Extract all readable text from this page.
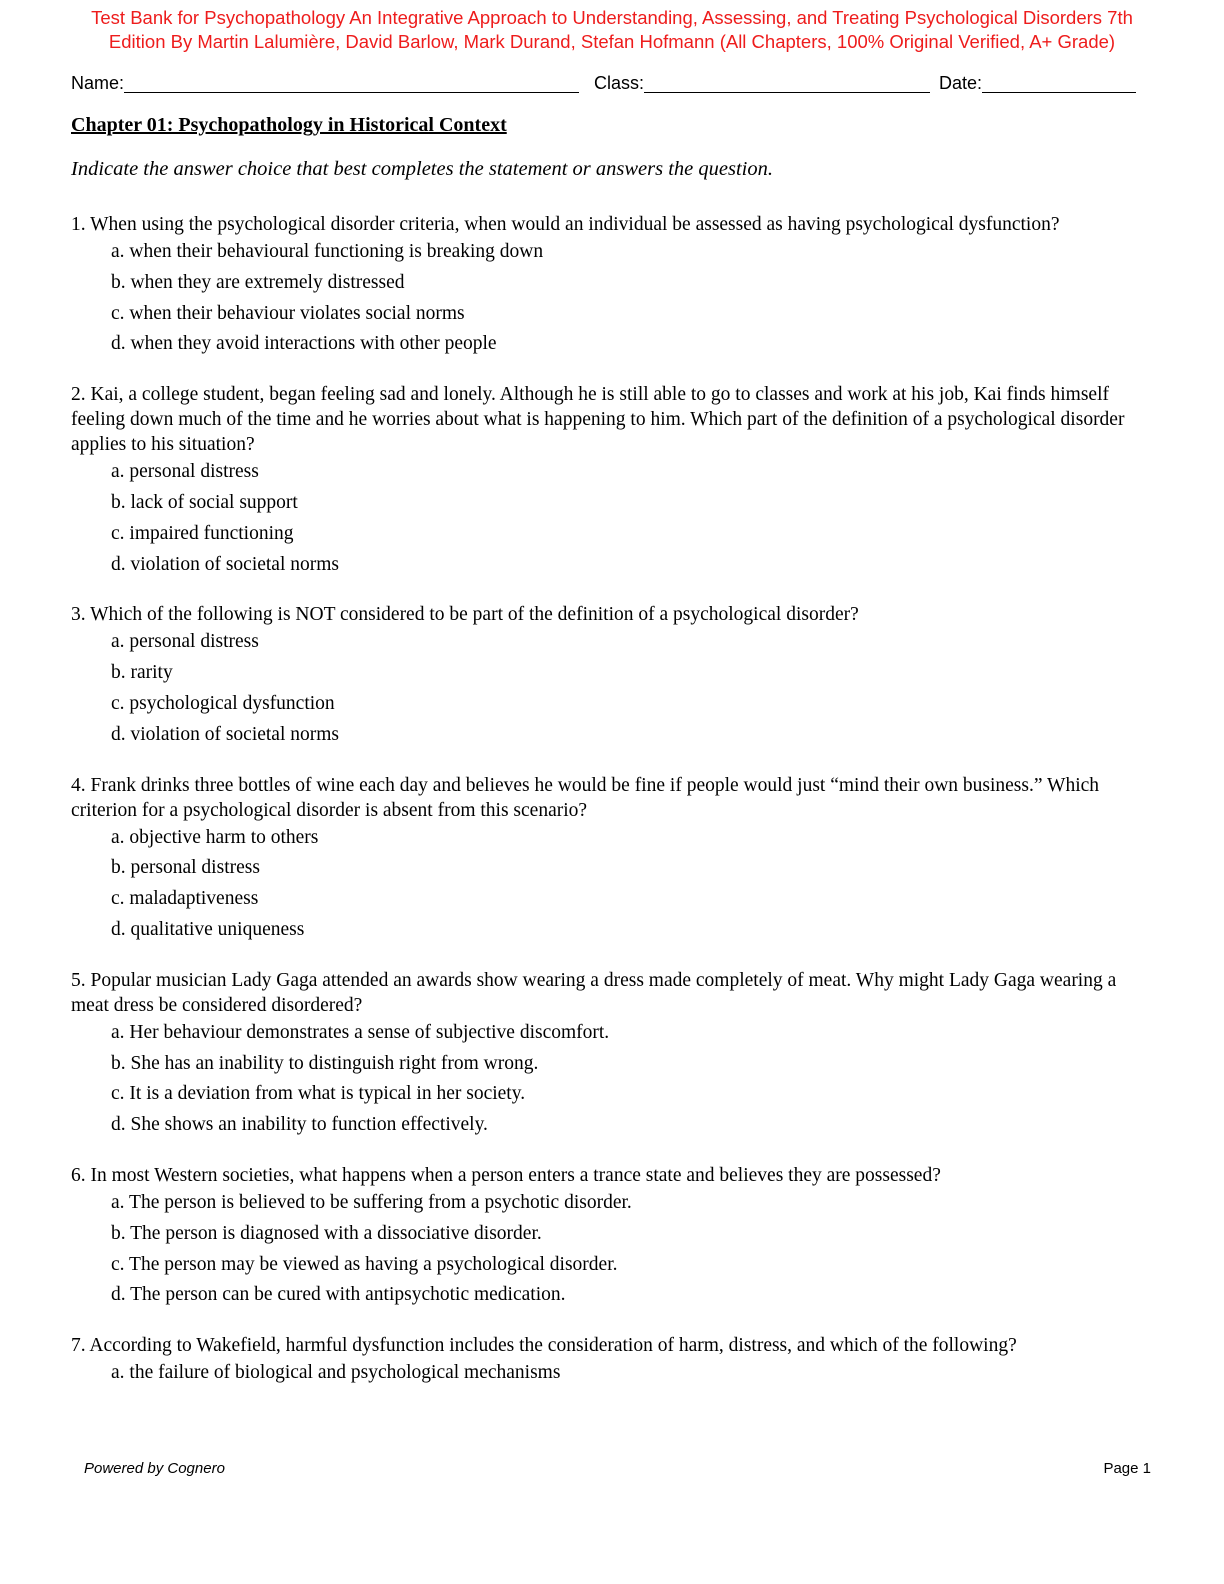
Test Bank for Psychopathology An Integrative Approach to Understanding, Assessing, and Treating Psychological Disorders 7th
Edition By Martin Lalumière, David Barlow, Mark Durand, Stefan Hofmann (All Chapters, 100% Original Verified, A+ Grade)
Name:	Class:	Date:
Chapter 01: Psychopathology in Historical Context
Indicate the answer choice that best completes the statement or answers the question.
1. When using the psychological disorder criteria, when would an individual be assessed as having psychological dysfunction?
a. when their behavioural functioning is breaking down
b. when they are extremely distressed
c. when their behaviour violates social norms
d. when they avoid interactions with other people
2. Kai, a college student, began feeling sad and lonely. Although he is still able to go to classes and work at his job, Kai finds himself feeling down much of the time and he worries about what is happening to him. Which part of the definition of a psychological disorder applies to his situation?
a. personal distress
b. lack of social support
c. impaired functioning
d. violation of societal norms
3. Which of the following is NOT considered to be part of the definition of a psychological disorder?
a. personal distress
b. rarity
c. psychological dysfunction
d. violation of societal norms
4. Frank drinks three bottles of wine each day and believes he would be fine if people would just “mind their own business.” Which criterion for a psychological disorder is absent from this scenario?
a. objective harm to others
b. personal distress
c. maladaptiveness
d. qualitative uniqueness
5. Popular musician Lady Gaga attended an awards show wearing a dress made completely of meat. Why might Lady Gaga wearing a meat dress be considered disordered?
a. Her behaviour demonstrates a sense of subjective discomfort.
b. She has an inability to distinguish right from wrong.
c. It is a deviation from what is typical in her society.
d. She shows an inability to function effectively.
6. In most Western societies, what happens when a person enters a trance state and believes they are possessed?
a. The person is believed to be suffering from a psychotic disorder.
b. The person is diagnosed with a dissociative disorder.
c. The person may be viewed as having a psychological disorder.
d. The person can be cured with antipsychotic medication.
7. According to Wakefield, harmful dysfunction includes the consideration of harm, distress, and which of the following?
a. the failure of biological and psychological mechanisms
Powered by Cognero	Page 1
